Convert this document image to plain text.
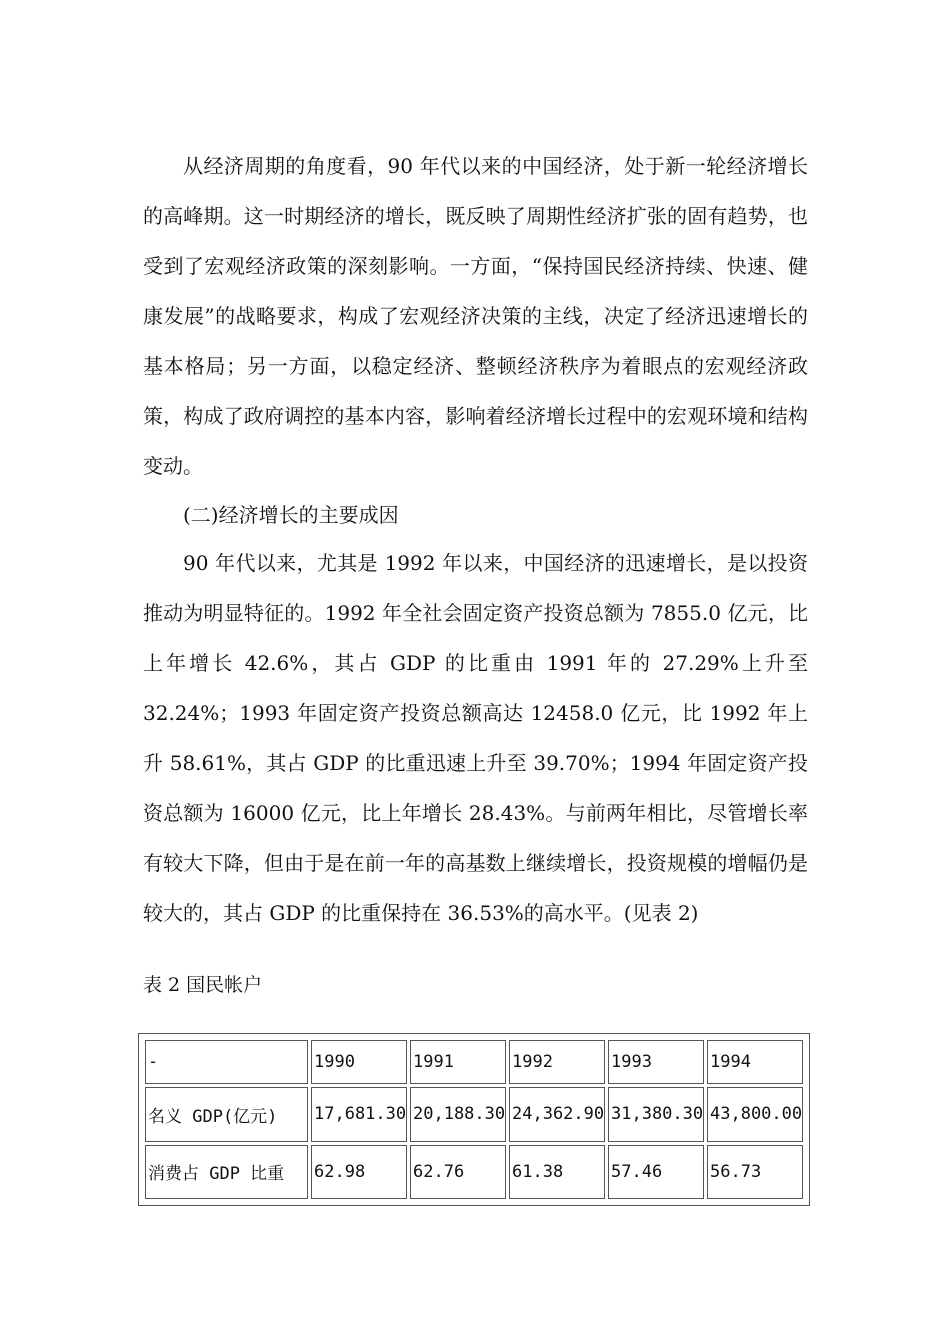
从经济周期的角度看，90 年代以来的中国经济，处于新一轮经济增长的高峰期。这一时期经济的增长，既反映了周期性经济扩张的固有趋势，也受到了宏观经济政策的深刻影响。一方面，“保持国民经济持续、快速、健康发展”的战略要求，构成了宏观经济决策的主线，决定了经济迅速增长的基本格局；另一方面，以稳定经济、整顿经济秩序为着眼点的宏观经济政策，构成了政府调控的基本内容，影响着经济增长过程中的宏观环境和结构变动。

(二)经济增长的主要成因

90 年代以来，尤其是 1992 年以来，中国经济的迅速增长，是以投资推动为明显特征的。1992 年全社会固定资产投资总额为 7855.0 亿元，比上年增长 42.6%，其占 GDP 的比重由 1991 年的 27.29%上升至 32.24%；1993 年固定资产投资总额高达 12458.0 亿元，比 1992 年上升 58.61%，其占 GDP 的比重迅速上升至 39.70%；1994 年固定资产投资总额为 16000 亿元，比上年增长 28.43%。与前两年相比，尽管增长率有较大下降，但由于是在前一年的高基数上继续增长，投资规模的增幅仍是较大的，其占 GDP 的比重保持在 36.53%的高水平。(见表 2)

表 2 国民帐户

-	1990	1991	1992	1993	1994
名义 GDP(亿元)	17,681.30	20,188.30	24,362.90	31,380.30	43,800.00
消费占 GDP 比重	62.98	62.76	61.38	57.46	56.73
